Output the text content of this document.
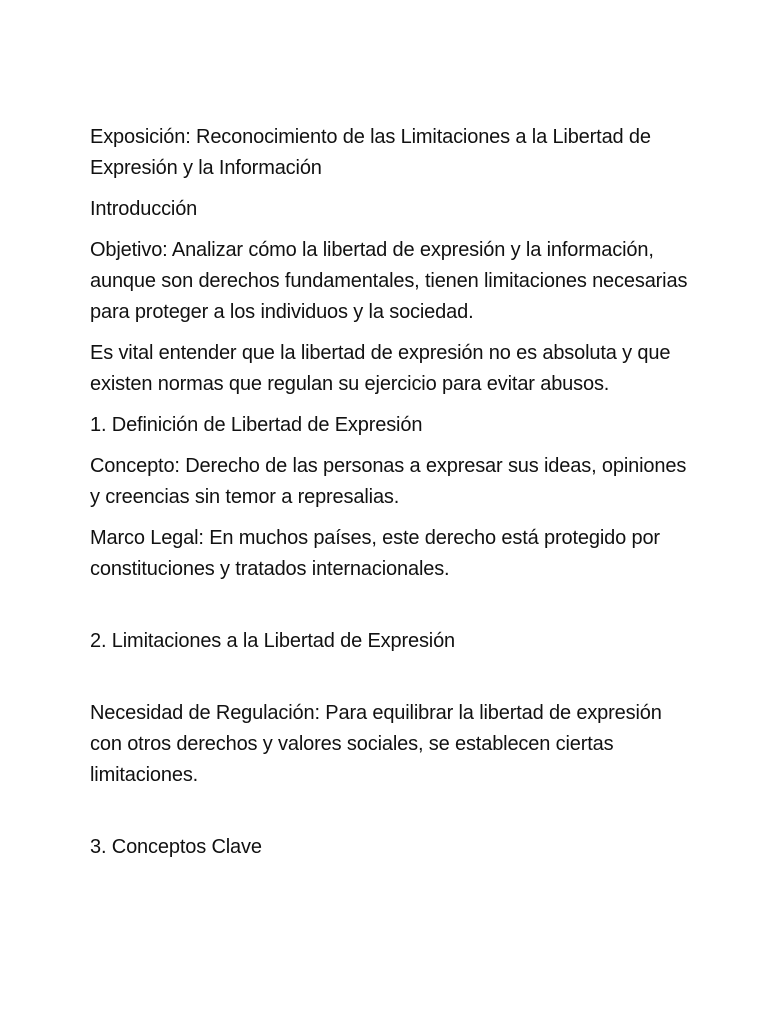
Exposición: Reconocimiento de las Limitaciones a la Libertad de Expresión y la Información

Introducción

Objetivo: Analizar cómo la libertad de expresión y la información, aunque son derechos fundamentales, tienen limitaciones necesarias para proteger a los individuos y la sociedad.

Es vital entender que la libertad de expresión no es absoluta y que existen normas que regulan su ejercicio para evitar abusos.

1. Definición de Libertad de Expresión

Concepto: Derecho de las personas a expresar sus ideas, opiniones y creencias sin temor a represalias.

Marco Legal: En muchos países, este derecho está protegido por constituciones y tratados internacionales.

2. Limitaciones a la Libertad de Expresión

Necesidad de Regulación: Para equilibrar la libertad de expresión con otros derechos y valores sociales, se establecen ciertas limitaciones.

3. Conceptos Clave
